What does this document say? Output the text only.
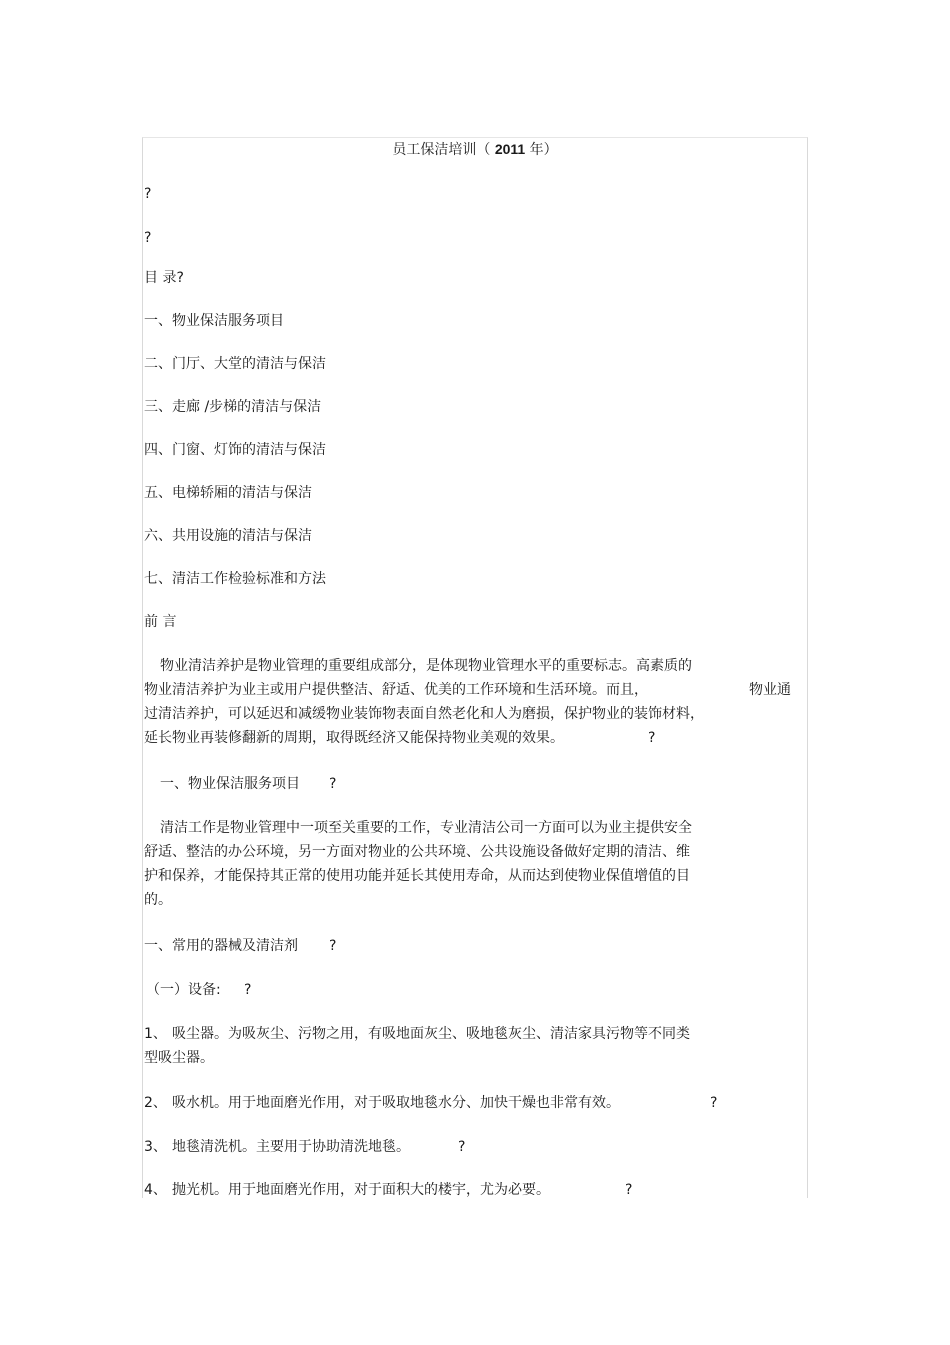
员工保洁培训（ 2011 年）
?
?
目 录?
一、物业保洁服务项目
二、门厅、大堂的清洁与保洁
三、走廊 /步梯的清洁与保洁
四、门窗、灯饰的清洁与保洁
五、电梯轿厢的清洁与保洁
六、共用设施的清洁与保洁
七、清洁工作检验标准和方法
前 言
物业清洁养护是物业管理的重要组成部分，是体现物业管理水平的重要标志。高素质的
物业清洁养护为业主或用户提供整洁、舒适、优美的工作环境和生活环境。而且，	物业通
过清洁养护，可以延迟和减缓物业装饰物表面自然老化和人为磨损，保护物业的装饰材料，
延长物业再装修翻新的周期，取得既经济又能保持物业美观的效果。	?
一、物业保洁服务项目 ?
清洁工作是物业管理中一项至关重要的工作，专业清洁公司一方面可以为业主提供安全
舒适、整洁的办公环境，另一方面对物业的公共环境、公共设施设备做好定期的清洁、维
护和保养，才能保持其正常的使用功能并延长其使用寿命，从而达到使物业保值增值的目
的。
一、常用的器械及清洁剂 ?
（一）设备: ?
1、 吸尘器。为吸灰尘、污物之用，有吸地面灰尘、吸地毯灰尘、清洁家具污物等不同类
型吸尘器。
2、 吸水机。用于地面磨光作用，对于吸取地毯水分、加快干燥也非常有效。	?
3、 地毯清洗机。主要用于协助清洗地毯。	?
4、 抛光机。用于地面磨光作用，对于面积大的楼宇，尤为必要。	?
